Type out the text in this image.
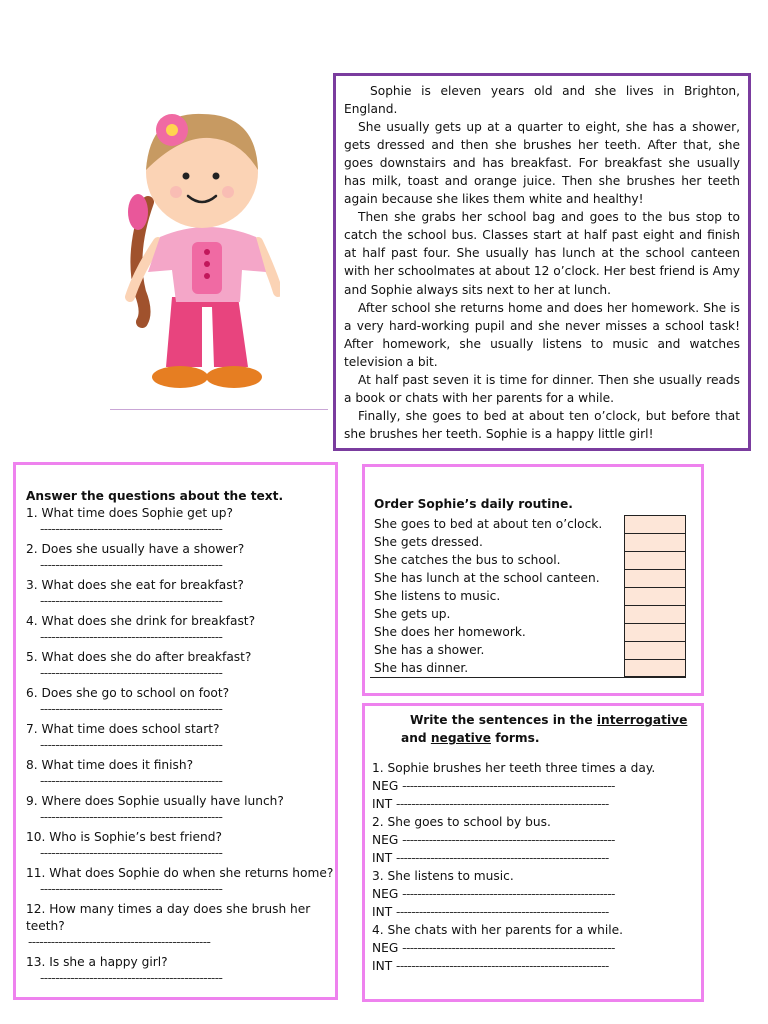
Sophie is eleven years old and she lives in Brighton, England.

She usually gets up at a quarter to eight, she has a shower, gets dressed and then she brushes her teeth. After that, she goes downstairs and has breakfast. For breakfast she usually has milk, toast and orange juice. Then she brushes her teeth again because she likes them white and healthy!

Then she grabs her school bag and goes to the bus stop to catch the school bus. Classes start at half past eight and finish at half past four. She usually has lunch at the school canteen with her schoolmates at about 12 o’clock. Her best friend is Amy and Sophie always sits next to her at lunch.

After school she returns home and does her homework. She is a very hard-working pupil and she never misses a school task! After homework, she usually listens to music and watches television a bit.

At half past seven it is time for dinner. Then she usually reads a book or chats with her parents for a while.

Finally, she goes to bed at about ten o’clock, but before that she brushes her teeth. Sophie is a happy little girl!

Answer the questions about the text.
1. What time does Sophie get up?
------------------------------------------------
2. Does she usually have a shower?
------------------------------------------------
3. What does she eat for breakfast?
------------------------------------------------
4. What does she drink for breakfast?
------------------------------------------------
5. What does she do after breakfast?
------------------------------------------------
6. Does she go to school on foot?
------------------------------------------------
7. What time does school start?
------------------------------------------------
8. What time does it finish?
------------------------------------------------
9. Where does Sophie usually have lunch?
------------------------------------------------
10. Who is Sophie’s best friend?
------------------------------------------------
11. What does Sophie do when she returns home?
------------------------------------------------
12. How many times a day does she brush her teeth?
------------------------------------------------
13. Is she a happy girl?
------------------------------------------------
Order Sophie’s daily routine.
She goes to bed at about ten o’clock.
She gets dressed.
She catches the bus to school.
She has lunch at the school canteen.
She listens to music.
She gets up.
She does her homework.
She has a shower.
She has dinner.
Write the sentences in the interrogative
and negative forms.
1. Sophie brushes her teeth three times a day.
NEG --------------------------------------------------------
INT --------------------------------------------------------
2. She goes to school by bus.
NEG --------------------------------------------------------
INT --------------------------------------------------------
3. She listens to music.
NEG --------------------------------------------------------
INT --------------------------------------------------------
4. She chats with her parents for a while.
NEG --------------------------------------------------------
INT --------------------------------------------------------
